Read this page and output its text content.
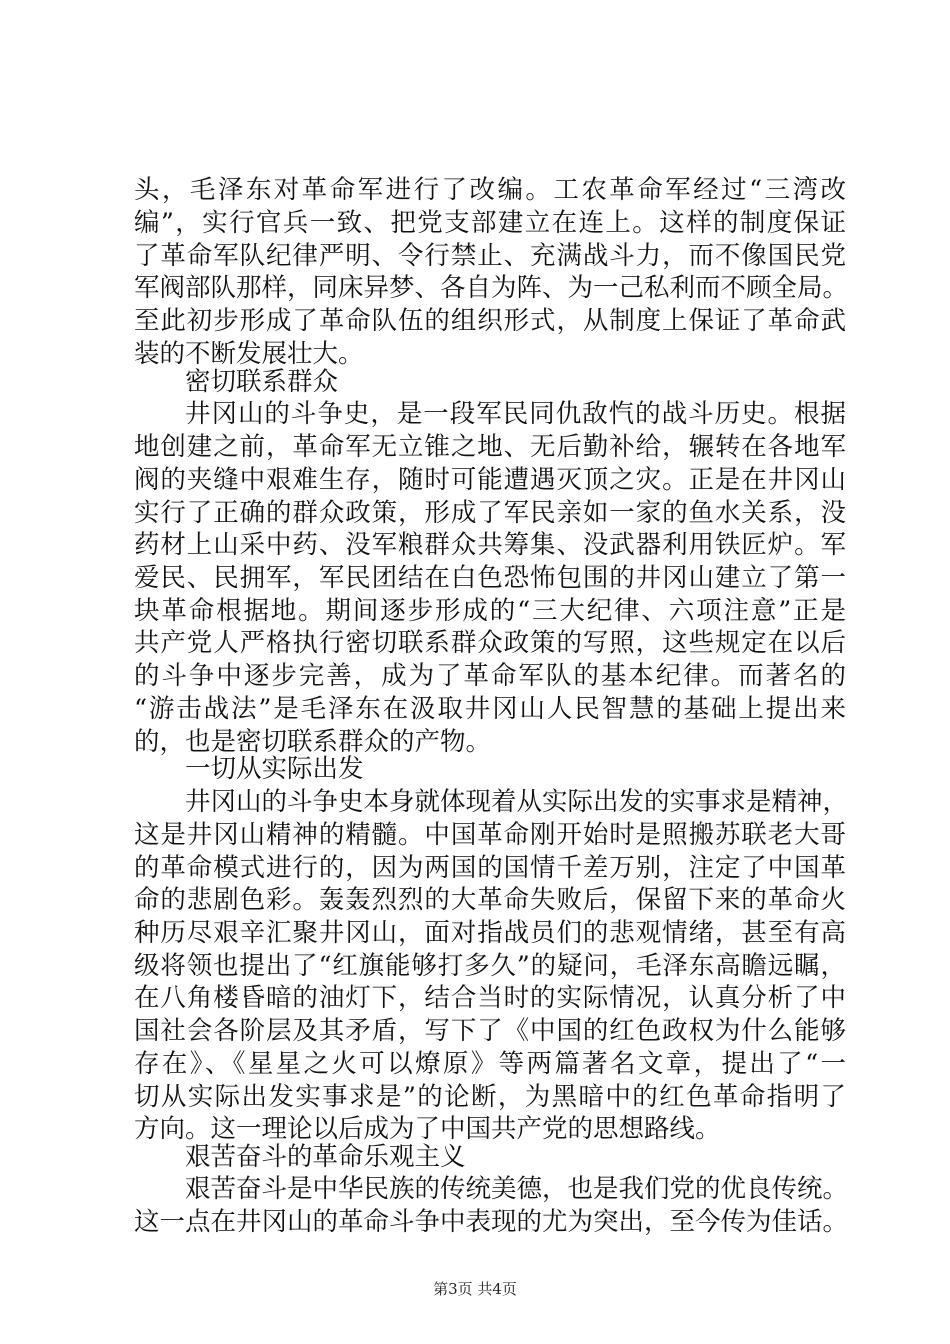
头，毛泽东对革命军进行了改编。工农革命军经过“三湾改
编”，实行官兵一致、把党支部建立在连上。这样的制度保证
了革命军队纪律严明、令行禁止、充满战斗力，而不像国民党
军阀部队那样，同床异梦、各自为阵、为一己私利而不顾全局。
至此初步形成了革命队伍的组织形式，从制度上保证了革命武
装的不断发展壮大。
密切联系群众
井冈山的斗争史，是一段军民同仇敌忾的战斗历史。根据
地创建之前，革命军无立锥之地、无后勤补给，辗转在各地军
阀的夹缝中艰难生存，随时可能遭遇灭顶之灾。正是在井冈山
实行了正确的群众政策，形成了军民亲如一家的鱼水关系，没
药材上山采中药、没军粮群众共筹集、没武器利用铁匠炉。军
爱民、民拥军，军民团结在白色恐怖包围的井冈山建立了第一
块革命根据地。期间逐步形成的“三大纪律、六项注意”正是
共产党人严格执行密切联系群众政策的写照，这些规定在以后
的斗争中逐步完善，成为了革命军队的基本纪律。而著名的
“游击战法”是毛泽东在汲取井冈山人民智慧的基础上提出来
的，也是密切联系群众的产物。
一切从实际出发
井冈山的斗争史本身就体现着从实际出发的实事求是精神，
这是井冈山精神的精髓。中国革命刚开始时是照搬苏联老大哥
的革命模式进行的，因为两国的国情千差万别，注定了中国革
命的悲剧色彩。轰轰烈烈的大革命失败后，保留下来的革命火
种历尽艰辛汇聚井冈山，面对指战员们的悲观情绪，甚至有高
级将领也提出了“红旗能够打多久”的疑问，毛泽东高瞻远瞩，
在八角楼昏暗的油灯下，结合当时的实际情况，认真分析了中
国社会各阶层及其矛盾，写下了《中国的红色政权为什么能够
存在》、《星星之火可以燎原》等两篇著名文章，提出了“一
切从实际出发实事求是”的论断，为黑暗中的红色革命指明了
方向。这一理论以后成为了中国共产党的思想路线。
艰苦奋斗的革命乐观主义
艰苦奋斗是中华民族的传统美德，也是我们党的优良传统。
这一点在井冈山的革命斗争中表现的尤为突出，至今传为佳话。
第3页 共4页
